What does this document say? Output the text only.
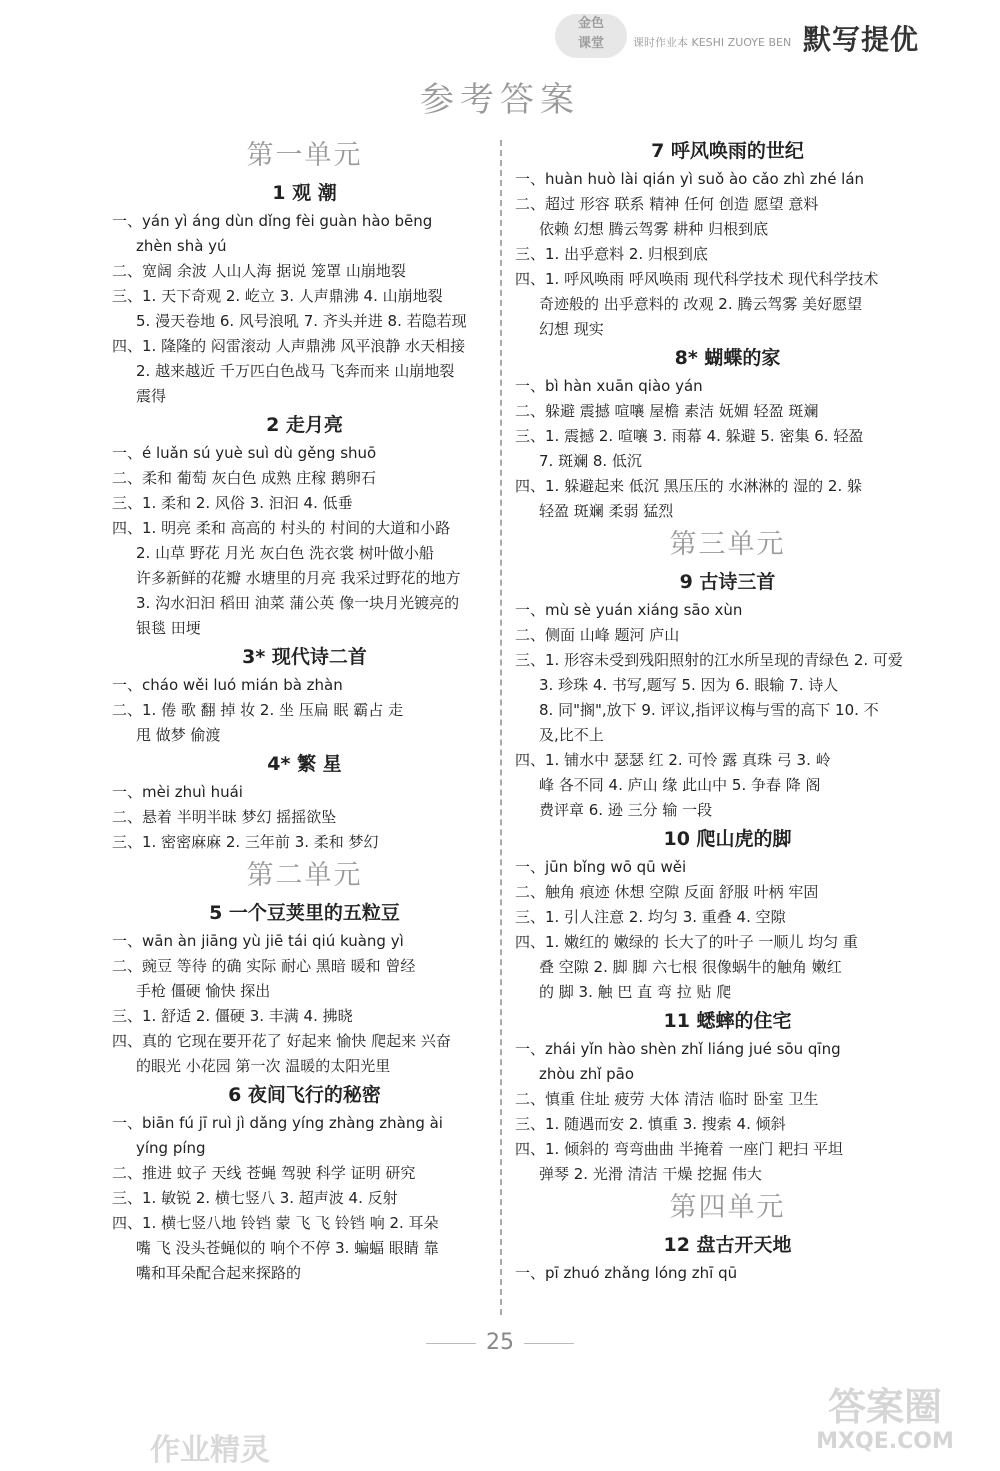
金色
课堂	课时作业本 KESHI ZUOYE BEN 默写提优
参考答案
第一单元
1 观 潮
一、yán yì áng dùn dǐng fèi guàn hào bēng
zhèn shà yú
二、宽阔 余波 人山人海 据说 笼罩 山崩地裂
三、1. 天下奇观 2. 屹立 3. 人声鼎沸 4. 山崩地裂
5. 漫天卷地 6. 风号浪吼 7. 齐头并进 8. 若隐若现
四、1. 隆隆的 闷雷滚动 人声鼎沸 风平浪静 水天相接
2. 越来越近 千万匹白色战马 飞奔而来 山崩地裂
震得
2 走月亮
一、é luǎn sú yuè suì dù gěng shuō
二、柔和 葡萄 灰白色 成熟 庄稼 鹅卵石
三、1. 柔和 2. 风俗 3. 汩汩 4. 低垂
四、1. 明亮 柔和 高高的 村头的 村间的大道和小路
2. 山草 野花 月光 灰白色 洗衣裳 树叶做小船
许多新鲜的花瓣 水塘里的月亮 我采过野花的地方
3. 沟水汩汩 稻田 油菜 蒲公英 像一块月光镀亮的
银毯 田埂
3* 现代诗二首
一、cháo wěi luó mián bà zhàn
二、1. 倦 歌 翻 掉 妆 2. 坐 压扁 眠 霸占 走
甩 做梦 偷渡
4* 繁 星
一、mèi zhuì huái
二、悬着 半明半昧 梦幻 摇摇欲坠
三、1. 密密麻麻 2. 三年前 3. 柔和 梦幻
第二单元
5 一个豆荚里的五粒豆
一、wān àn jiāng yù jiē tái qiú kuàng yì
二、豌豆 等待 的确 实际 耐心 黑暗 暖和 曾经
手枪 僵硬 愉快 探出
三、1. 舒适 2. 僵硬 3. 丰满 4. 拂晓
四、真的 它现在要开花了 好起来 愉快 爬起来 兴奋
的眼光 小花园 第一次 温暖的太阳光里
6 夜间飞行的秘密
一、biān fú jī ruì jì dǎng yíng zhàng zhàng ài
yíng píng
二、推进 蚊子 天线 苍蝇 驾驶 科学 证明 研究
三、1. 敏锐 2. 横七竖八 3. 超声波 4. 反射
四、1. 横七竖八地 铃铛 蒙 飞 飞 铃铛 响 2. 耳朵
嘴 飞 没头苍蝇似的 响个不停 3. 蝙蝠 眼睛 靠
嘴和耳朵配合起来探路的
7 呼风唤雨的世纪
一、huàn huò lài qián yì suǒ ào cǎo zhì zhé lán
二、超过 形容 联系 精神 任何 创造 愿望 意料
依赖 幻想 腾云驾雾 耕种 归根到底
三、1. 出乎意料 2. 归根到底
四、1. 呼风唤雨 呼风唤雨 现代科学技术 现代科学技术
奇迹般的 出乎意料的 改观 2. 腾云驾雾 美好愿望
幻想 现实
8* 蝴蝶的家
一、bì hàn xuān qiào yán
二、躲避 震撼 喧嚷 屋檐 素洁 妩媚 轻盈 斑斓
三、1. 震撼 2. 喧嚷 3. 雨幕 4. 躲避 5. 密集 6. 轻盈
7. 斑斓 8. 低沉
四、1. 躲避起来 低沉 黑压压的 水淋淋的 湿的 2. 躲
轻盈 斑斓 柔弱 猛烈
第三单元
9 古诗三首
一、mù sè yuán xiáng sāo xùn
二、侧面 山峰 题河 庐山
三、1. 形容未受到残阳照射的江水所呈现的青绿色 2. 可爱
3. 珍珠 4. 书写,题写 5. 因为 6. 眼输 7. 诗人
8. 同"搁",放下 9. 评议,指评议梅与雪的高下 10. 不
及,比不上
四、1. 铺水中 瑟瑟 红 2. 可怜 露 真珠 弓 3. 岭
峰 各不同 4. 庐山 缘 此山中 5. 争春 降 阁
费评章 6. 逊 三分 输 一段
10 爬山虎的脚
一、jūn bǐng wō qū wěi
二、触角 痕迹 休想 空隙 反面 舒服 叶柄 牢固
三、1. 引人注意 2. 均匀 3. 重叠 4. 空隙
四、1. 嫩红的 嫩绿的 长大了的叶子 一顺儿 均匀 重
叠 空隙 2. 脚 脚 六七根 很像蜗牛的触角 嫩红
的 脚 3. 触 巴 直 弯 拉 贴 爬
11 蟋蟀的住宅
一、zhái yǐn hào shèn zhǐ liáng jué sōu qīng
zhòu zhǐ pāo
二、慎重 住址 疲劳 大体 清洁 临时 卧室 卫生
三、1. 随遇而安 2. 慎重 3. 搜索 4. 倾斜
四、1. 倾斜的 弯弯曲曲 半掩着 一座门 耙扫 平坦
弹琴 2. 光滑 清洁 干燥 挖掘 伟大
第四单元
12 盘古开天地
一、pī zhuó zhǎng lóng zhī qū
25
作业精灵
答案圈
MXQE.COM
